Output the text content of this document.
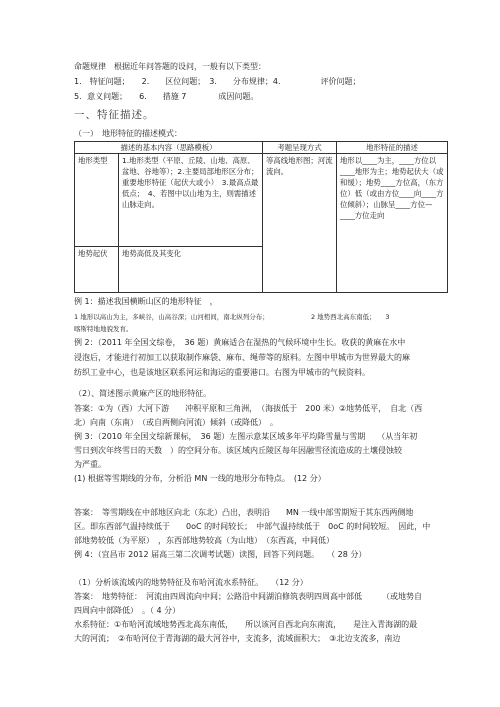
命题规律　根据近年问答题的设问，一般有以下类型：
1.　特征问题；　　2.　　区位问题；　3.　　分布规律；4.　　　　　评价问题；
5．意义问题；　　6.　　措施 7　　　　成因问题。
一、特征描述。
（一）　地形特征的描述模式：
描述的基本内容（思路模板）		考题呈现方式	地形特征的描述
地形类型	1.地形类型（平原、丘陵、山地、高原、盆地、谷地等）；2.主要局部地形区分布；重要地形特征（起伏大或小）　3.最高点最低点；　4、若图中以山地为主，则需描述山脉走向。	等高线地形图；河流流向。	地形以____为主，____方位以____地形为主；地势起伏大（或和缓）；地势____方位高，（东方位）低（或由方位____向____方位倾斜）；山脉呈____方位—____方位走向
地势起伏	地势高低及其变化		
例 1：描述我国横断山区的地形特征　，
1 地形以高山为主，多峡谷，山高谷深；山河相间，南北纵列分布；　　　　　　　2 地势西北高东南低；　　3
喀斯特地地貌发育。
例 2：（2011 年全国文综卷，　36 题）黄麻适合在湿热的气候环境中生长。收获的黄麻在水中
浸泡后，才能进行初加工以获取制作麻袋、麻布、绳带等的原料。左图中甲城市为世界最大的麻
纺织工业中心，也是该地区联系河运和海运的重要港口。右图为甲城市的气候资料。
（2）、简述图示黄麻产区的地形特征。
答案：①为（西）大河下游　　冲积平原和三角洲，　（海拔低于　200 米）②地势低平，　自北（西
北）向南（东南）　（或自两侧向河流）倾斜（或降低）　。
例 3：（2010 年全国文综新课标，　36 题）左图示意某区域多年平均降雪量与雪期　　（从当年初
雪日到次年终雪日的天数　）的空间分布。该区域内丘陵区每年因融雪径流造成的土壤侵蚀较
为严重。
(1) 根据等雪期线的分布，分析沿 MN 一线的地形分布特点。　(12 分）
答案：　等雪期线在中部地区向北（东北）凸出，表明沿　　MN 一线中部雪期短于其东西两侧地
区。即东西部气温持续低于　　0oC 的时间较长；　中部气温持续低于　0oC 的时间较短。　因此，中
部地势较低（为平原）　，东西部地势较高（为山地）　（东西高，中间低）
例 4：（宜昌市 2012 届高三第二次调考试题）读图，回答下列问题。　　（ 28 分）
（1）分析该流域内的地势特征及布哈河流水系特征。　　（12 分）
答案：　地势特征：　河流由四周流向中间；公路沿中间湖泊修筑表明四周高中部低　　　（或地势自
四周向中部降低）　。（ 4 分）
水系特征：①布哈河流域地势西北高东南低，　　所以该河自西北向东南流，　　是注入青海湖的最
大的河流；　②布哈河位于青海湖的最大河谷中，支流多，流域面积大；　③北边支流多，南边
